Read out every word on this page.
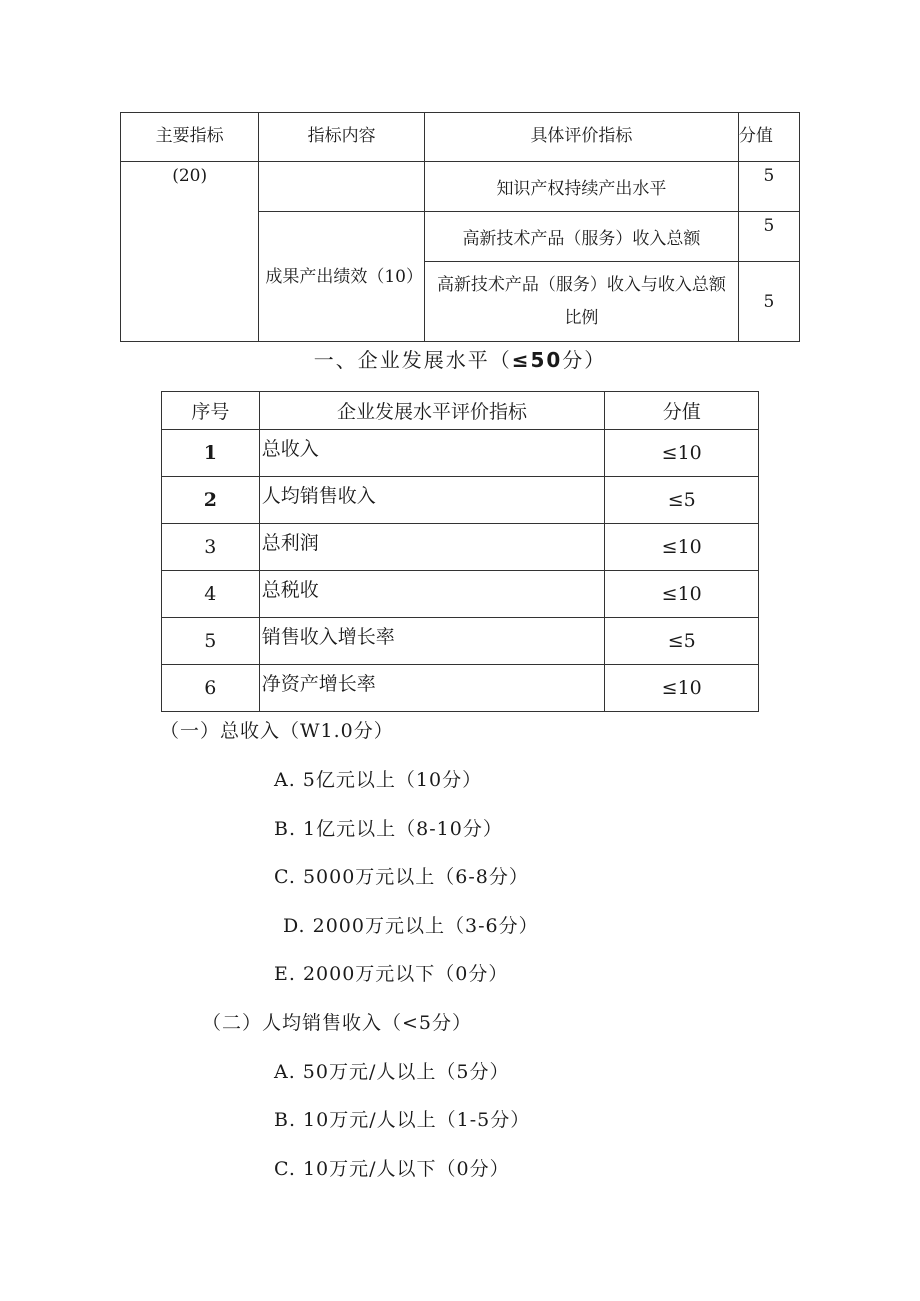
主要指标	指标内容	具体评价指标	分值
(20)		知识产权持续产出水平	5
	成果产出绩效（10）	高新技术产品（服务）收入总额	5
		高新技术产品（服务）收入与收入总额比例	5
一、企业发展水平（≤50分）
序号	企业发展水平评价指标	分值
1	总收入	≤10
2	人均销售收入	≤5
3	总利润	≤10
4	总税收	≤10
5	销售收入增长率	≤5
6	净资产增长率	≤10
（一）总收入（W1.0分）
A. 5亿元以上（10分）
B. 1亿元以上（8-10分）
C. 5000万元以上（6-8分）
D. 2000万元以上（3-6分）
E. 2000万元以下（0分）
（二）人均销售收入（<5分）
A. 50万元/人以上（5分）
B. 10万元/人以上（1-5分）
C. 10万元/人以下（0分）
